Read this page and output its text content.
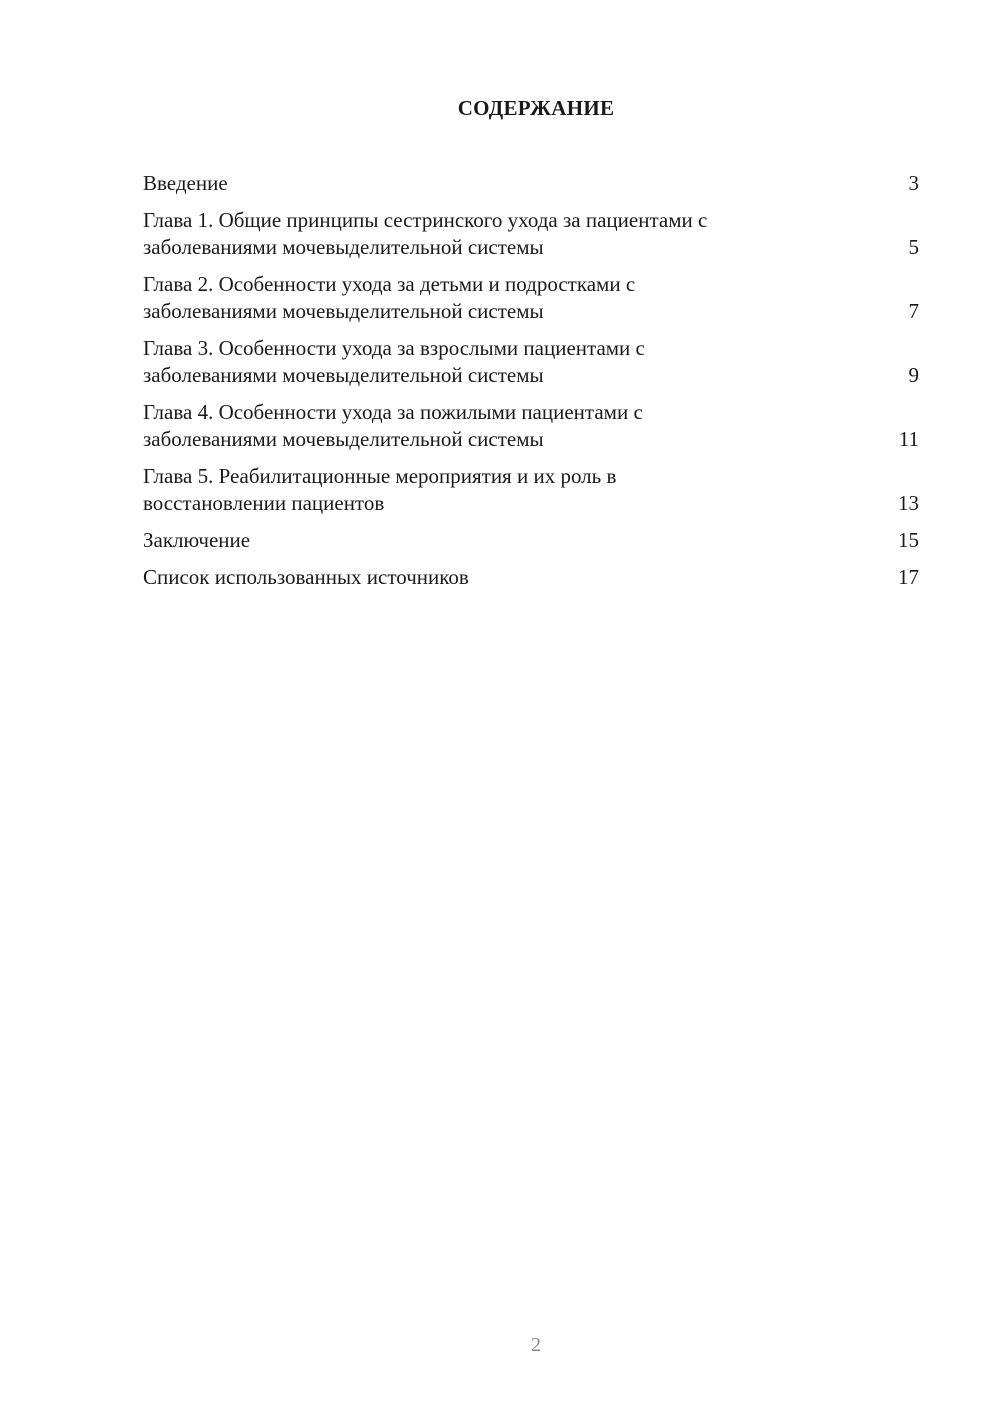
СОДЕРЖАНИЕ
Введение	3
Глава 1. Общие принципы сестринского ухода за пациентами с
заболеваниями мочевыделительной системы	5
Глава 2. Особенности ухода за детьми и подростками с
заболеваниями мочевыделительной системы	7
Глава 3. Особенности ухода за взрослыми пациентами с
заболеваниями мочевыделительной системы	9
Глава 4. Особенности ухода за пожилыми пациентами с
заболеваниями мочевыделительной системы	11
Глава 5. Реабилитационные мероприятия и их роль в
восстановлении пациентов	13
Заключение	15
Список использованных источников	17
2
